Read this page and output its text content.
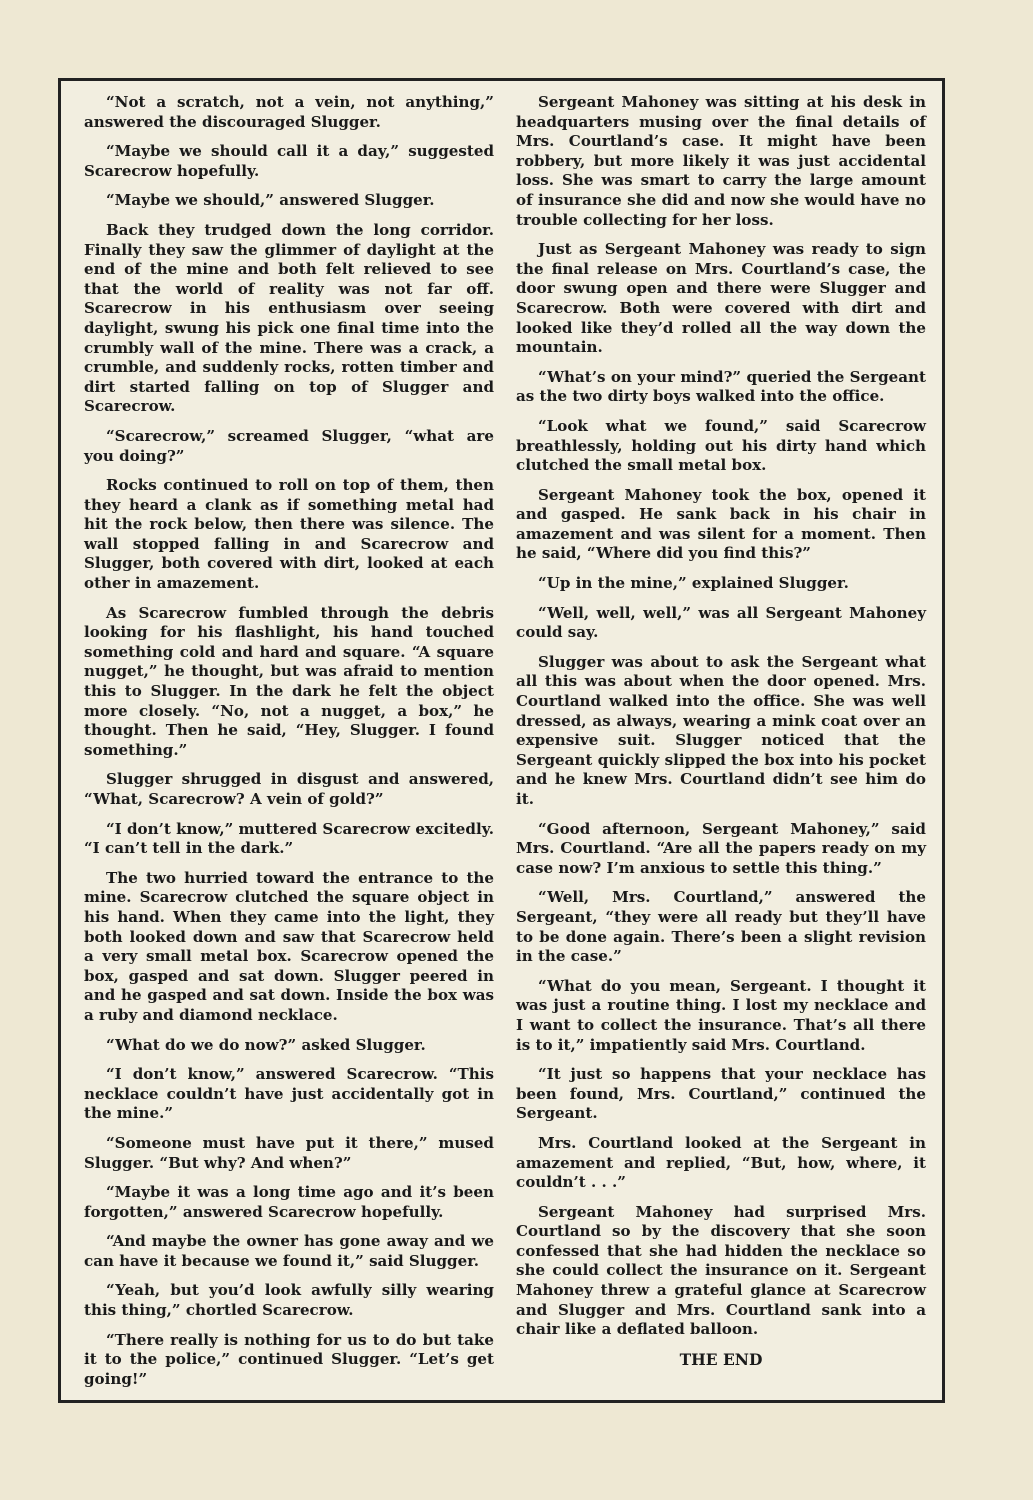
“Not a scratch, not a vein, not anything,” answered the discouraged Slugger.

“Maybe we should call it a day,” suggested Scarecrow hopefully.

“Maybe we should,” answered Slugger.

Back they trudged down the long corridor. Finally they saw the glimmer of daylight at the end of the mine and both felt relieved to see that the world of reality was not far off. Scarecrow in his enthusiasm over seeing daylight, swung his pick one final time into the crumbly wall of the mine. There was a crack, a crumble, and suddenly rocks, rotten timber and dirt started falling on top of Slugger and Scarecrow.

“Scarecrow,” screamed Slugger, “what are you doing?”

Rocks continued to roll on top of them, then they heard a clank as if something metal had hit the rock below, then there was silence. The wall stopped falling in and Scarecrow and Slugger, both covered with dirt, looked at each other in amazement.

As Scarecrow fumbled through the debris looking for his flashlight, his hand touched something cold and hard and square. “A square nugget,” he thought, but was afraid to mention this to Slugger. In the dark he felt the object more closely. “No, not a nugget, a box,” he thought. Then he said, “Hey, Slugger. I found something.”

Slugger shrugged in disgust and answered, “What, Scarecrow? A vein of gold?”

“I don’t know,” muttered Scarecrow excitedly. “I can’t tell in the dark.”

The two hurried toward the entrance to the mine. Scarecrow clutched the square object in his hand. When they came into the light, they both looked down and saw that Scarecrow held a very small metal box. Scarecrow opened the box, gasped and sat down. Slugger peered in and he gasped and sat down. Inside the box was a ruby and diamond necklace.

“What do we do now?” asked Slugger.

“I don’t know,” answered Scarecrow. “This necklace couldn’t have just accidentally got in the mine.”

“Someone must have put it there,” mused Slugger. “But why? And when?”

“Maybe it was a long time ago and it’s been forgotten,” answered Scarecrow hopefully.

“And maybe the owner has gone away and we can have it because we found it,” said Slugger.

“Yeah, but you’d look awfully silly wearing this thing,” chortled Scarecrow.

“There really is nothing for us to do but take it to the police,” continued Slugger. “Let’s get going!”

Sergeant Mahoney was sitting at his desk in headquarters musing over the final details of Mrs. Courtland’s case. It might have been robbery, but more likely it was just accidental loss. She was smart to carry the large amount of insurance she did and now she would have no trouble collecting for her loss.

Just as Sergeant Mahoney was ready to sign the final release on Mrs. Courtland’s case, the door swung open and there were Slugger and Scarecrow. Both were covered with dirt and looked like they’d rolled all the way down the mountain.

“What’s on your mind?” queried the Sergeant as the two dirty boys walked into the office.

“Look what we found,” said Scarecrow breathlessly, holding out his dirty hand which clutched the small metal box.

Sergeant Mahoney took the box, opened it and gasped. He sank back in his chair in amazement and was silent for a moment. Then he said, “Where did you find this?”

“Up in the mine,” explained Slugger.

“Well, well, well,” was all Sergeant Mahoney could say.

Slugger was about to ask the Sergeant what all this was about when the door opened. Mrs. Courtland walked into the office. She was well dressed, as always, wearing a mink coat over an expensive suit. Slugger noticed that the Sergeant quickly slipped the box into his pocket and he knew Mrs. Courtland didn’t see him do it.

“Good afternoon, Sergeant Mahoney,” said Mrs. Courtland. “Are all the papers ready on my case now? I’m anxious to settle this thing.”

“Well, Mrs. Courtland,” answered the Sergeant, “they were all ready but they’ll have to be done again. There’s been a slight revision in the case.”

“What do you mean, Sergeant. I thought it was just a routine thing. I lost my necklace and I want to collect the insurance. That’s all there is to it,” impatiently said Mrs. Courtland.

“It just so happens that your necklace has been found, Mrs. Courtland,” continued the Sergeant.

Mrs. Courtland looked at the Sergeant in amazement and replied, “But, how, where, it couldn’t . . .”

Sergeant Mahoney had surprised Mrs. Courtland so by the discovery that she soon confessed that she had hidden the necklace so she could collect the insurance on it. Sergeant Mahoney threw a grateful glance at Scarecrow and Slugger and Mrs. Courtland sank into a chair like a deflated balloon.

THE END
